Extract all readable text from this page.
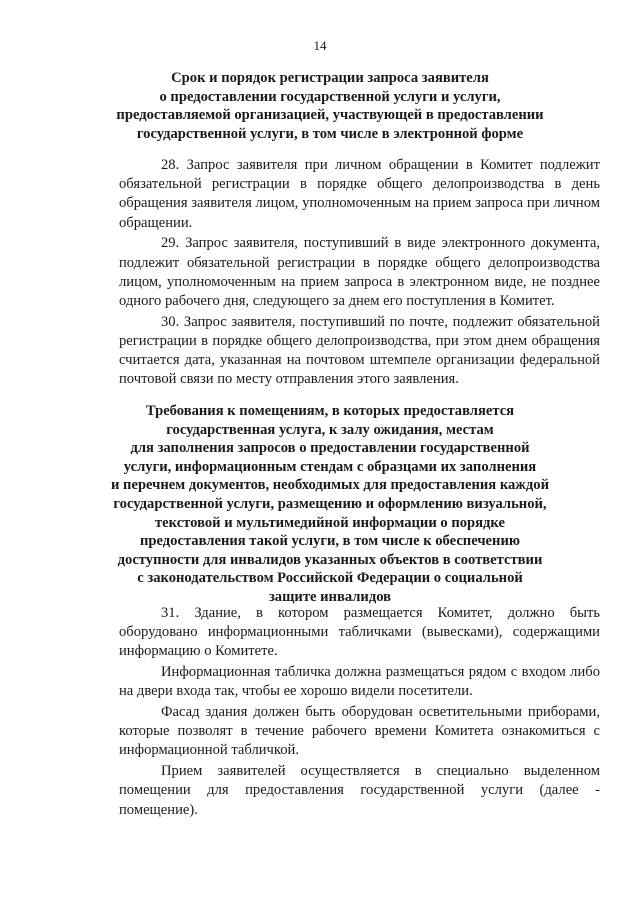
14
Срок и порядок регистрации запроса заявителя
о предоставлении государственной услуги и услуги,
предоставляемой организацией, участвующей в предоставлении
государственной услуги, в том числе в электронной форме

28. Запрос заявителя при личном обращении в Комитет подлежит обязательной регистрации в порядке общего делопроизводства в день обращения заявителя лицом, уполномоченным на прием запроса при личном обращении.

29. Запрос заявителя, поступивший в виде электронного документа, подлежит обязательной регистрации в порядке общего делопроизводства лицом, уполномоченным на прием запроса в электронном виде, не позднее одного рабочего дня, следующего за днем его поступления в Комитет.

30. Запрос заявителя, поступивший по почте, подлежит обязательной регистрации в порядке общего делопроизводства, при этом днем обращения считается дата, указанная на почтовом штемпеле организации федеральной почтовой связи по месту отправления этого заявления.

Требования к помещениям, в которых предоставляется
государственная услуга, к залу ожидания, местам
для заполнения запросов о предоставлении государственной
услуги, информационным стендам с образцами их заполнения
и перечнем документов, необходимых для предоставления каждой
государственной услуги, размещению и оформлению визуальной,
текстовой и мультимедийной информации о порядке
предоставления такой услуги, в том числе к обеспечению
доступности для инвалидов указанных объектов в соответствии
с законодательством Российской Федерации о социальной
защите инвалидов

31. Здание, в котором размещается Комитет, должно быть оборудовано информационными табличками (вывесками), содержащими информацию о Комитете.

Информационная табличка должна размещаться рядом с входом либо на двери входа так, чтобы ее хорошо видели посетители.

Фасад здания должен быть оборудован осветительными приборами, которые позволят в течение рабочего времени Комитета ознакомиться с информационной табличкой.

Прием заявителей осуществляется в специально выделенном помещении для предоставления государственной услуги (далее - помещение).
